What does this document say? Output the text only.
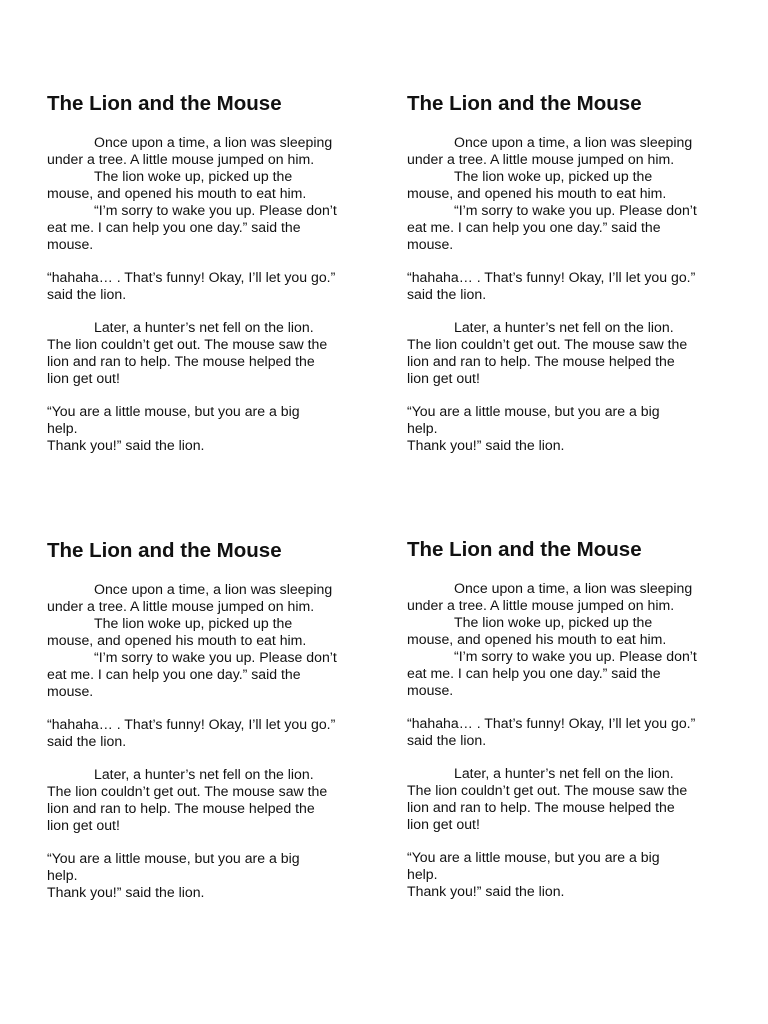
The Lion and the Mouse
Once upon a time, a lion was sleeping
under a tree. A little mouse jumped on him.
The lion woke up, picked up the
mouse, and opened his mouth to eat him.
“I’m sorry to wake you up. Please don’t
eat me. I can help you one day.” said the
mouse.
“hahaha… . That’s funny! Okay, I’ll let you go.”
said the lion.
Later, a hunter’s net fell on the lion.
The lion couldn’t get out. The mouse saw the
lion and ran to help. The mouse helped the
lion get out!
“You are a little mouse, but you are a big
help.
Thank you!” said the lion.
The Lion and the Mouse
Once upon a time, a lion was sleeping
under a tree. A little mouse jumped on him.
The lion woke up, picked up the
mouse, and opened his mouth to eat him.
“I’m sorry to wake you up. Please don’t
eat me. I can help you one day.” said the
mouse.
“hahaha… . That’s funny! Okay, I’ll let you go.”
said the lion.
Later, a hunter’s net fell on the lion.
The lion couldn’t get out. The mouse saw the
lion and ran to help. The mouse helped the
lion get out!
“You are a little mouse, but you are a big
help.
Thank you!” said the lion.
The Lion and the Mouse
Once upon a time, a lion was sleeping
under a tree. A little mouse jumped on him.
The lion woke up, picked up the
mouse, and opened his mouth to eat him.
“I’m sorry to wake you up. Please don’t
eat me. I can help you one day.” said the
mouse.
“hahaha… . That’s funny! Okay, I’ll let you go.”
said the lion.
Later, a hunter’s net fell on the lion.
The lion couldn’t get out. The mouse saw the
lion and ran to help. The mouse helped the
lion get out!
“You are a little mouse, but you are a big
help.
Thank you!” said the lion.
The Lion and the Mouse
Once upon a time, a lion was sleeping
under a tree. A little mouse jumped on him.
The lion woke up, picked up the
mouse, and opened his mouth to eat him.
“I’m sorry to wake you up. Please don’t
eat me. I can help you one day.” said the
mouse.
“hahaha… . That’s funny! Okay, I’ll let you go.”
said the lion.
Later, a hunter’s net fell on the lion.
The lion couldn’t get out. The mouse saw the
lion and ran to help. The mouse helped the
lion get out!
“You are a little mouse, but you are a big
help.
Thank you!” said the lion.
